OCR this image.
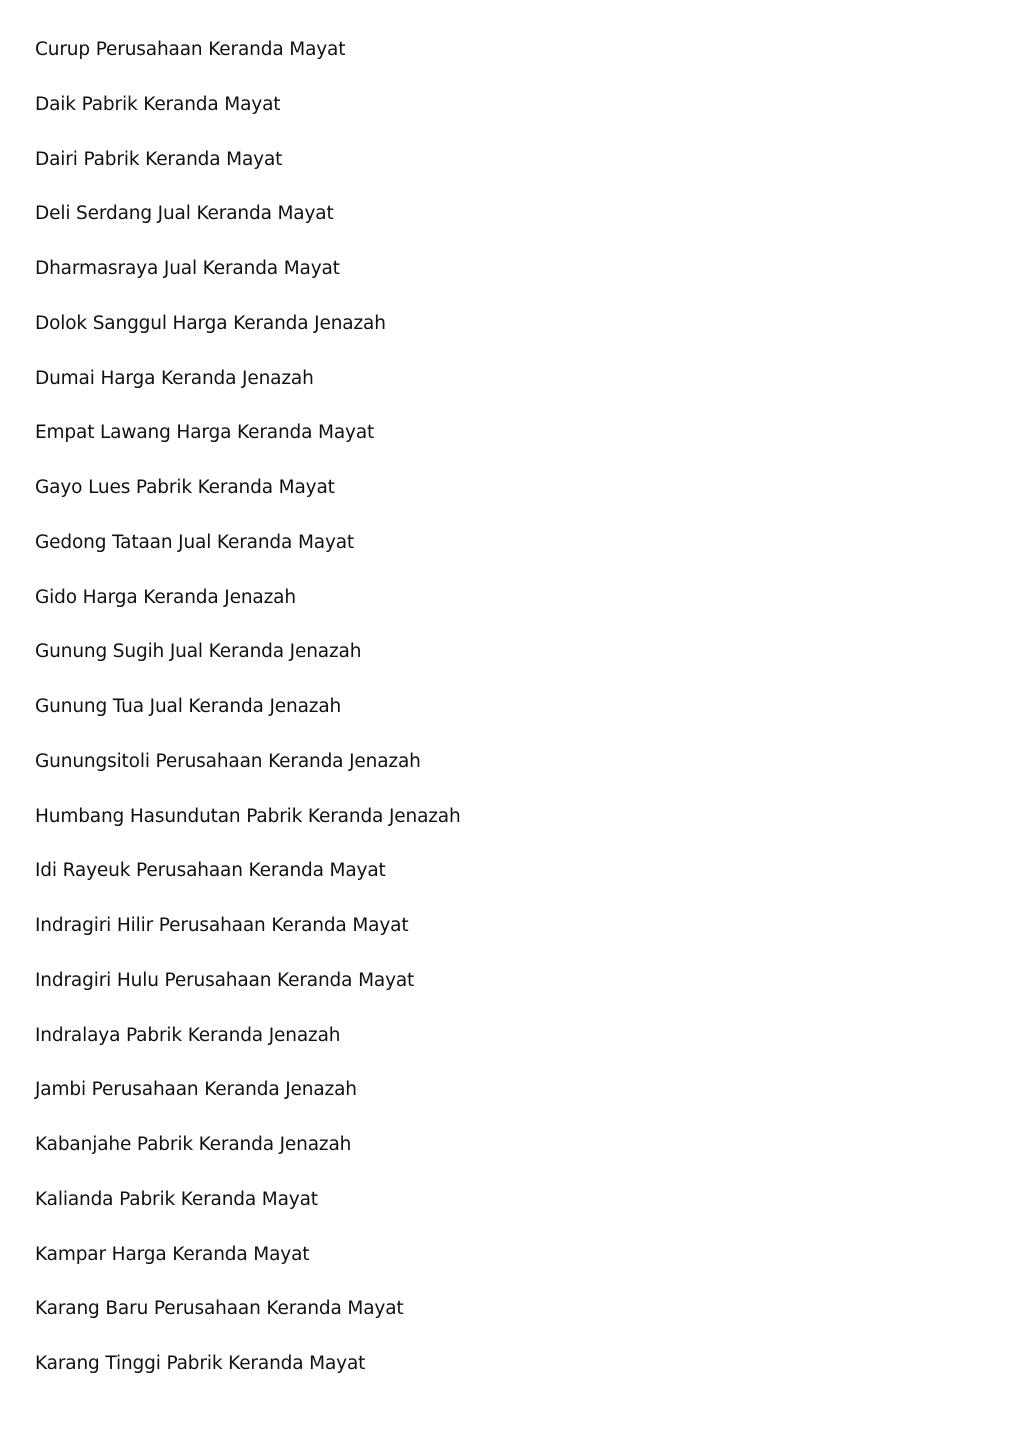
Curup Perusahaan Keranda Mayat
Daik Pabrik Keranda Mayat
Dairi Pabrik Keranda Mayat
Deli Serdang Jual Keranda Mayat
Dharmasraya Jual Keranda Mayat
Dolok Sanggul Harga Keranda Jenazah
Dumai Harga Keranda Jenazah
Empat Lawang Harga Keranda Mayat
Gayo Lues Pabrik Keranda Mayat
Gedong Tataan Jual Keranda Mayat
Gido Harga Keranda Jenazah
Gunung Sugih Jual Keranda Jenazah
Gunung Tua Jual Keranda Jenazah
Gunungsitoli Perusahaan Keranda Jenazah
Humbang Hasundutan Pabrik Keranda Jenazah
Idi Rayeuk Perusahaan Keranda Mayat
Indragiri Hilir Perusahaan Keranda Mayat
Indragiri Hulu Perusahaan Keranda Mayat
Indralaya Pabrik Keranda Jenazah
Jambi Perusahaan Keranda Jenazah
Kabanjahe Pabrik Keranda Jenazah
Kalianda Pabrik Keranda Mayat
Kampar Harga Keranda Mayat
Karang Baru Perusahaan Keranda Mayat
Karang Tinggi Pabrik Keranda Mayat
